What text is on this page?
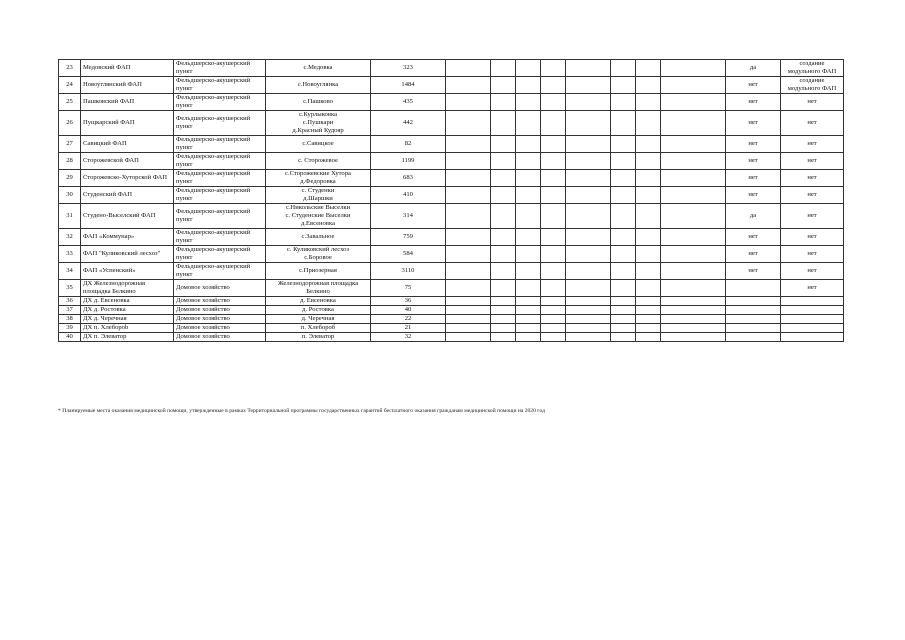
23	Медовский ФАП	Фельдшерско-акушерский пункт	с.Медовка	323									да	создание модульного ФАП
24	Новоуглянский ФАП	Фельдшерско-акушерский пункт	с.Новоуглянка	1484									нет	создание модульного ФАП
25	Пашковский ФАП	Фельдшерско-акушерский пункт	с.Пашково	435									нет	нет
26	Пущкарский ФАП	Фельдшерско-акушерский пункт	с.Курлыковка
с.Пушкари
д.Красный Кудояр	442									нет	нет
27	Савицкий ФАП	Фельдшерско-акушерский пункт	с.Савицкое	82									нет	нет
28	Сторожевской ФАП	Фельдшерско-акушерский пункт	с. Сторожевое	1199									нет	нет
29	Сторожевско-Хуторской ФАП	Фельдшерско-акушерский пункт	с.Сторожевские Хутора
д.Федоровка	683									нет	нет
30	Студенский ФАП	Фельдшерско-акушерский пункт	с. Студенки
д.Шаршки	410									нет	нет
31	Студено-Выселский ФАП	Фельдшерско-акушерский пункт	с.Никольские Выселки
с. Студенские Выселки
д.Евсеновка	314									да	нет
32	ФАП «Коммунар»	Фельдшерско-акушерский пункт	с.Завальное	759									нет	нет
33	ФАП "Куликовский лесхоз"	Фельдшерско-акушерский пункт	с. Куликовский лесхоз
с.Боровое	584									нет	нет
34	ФАП «Успенский»	Фельдшерско-акушерский пункт	с.Приозерная	3110									нет	нет
35	ДХ Железнодорожная площадка Белкино	Домовое хозяйство	Железнодорожная площадка Белкино	75										нет
36	ДХ д. Евсеновка	Домовое хозяйство	д. Евсеновка	36										
37	ДХ д. Ростовка	Домовое хозяйство	д. Ростовка	40										
38	ДХ д. Черечная	Домовое хозяйство	д. Черечная	22										
39	ДХ п. Хлеборob	Домовое хозяйство	п. Хлебороб	21										
40	ДХ п. Элеватор	Домовое хозяйство	п. Элеватор	32										
* Планируемые места оказания медицинской помощи, утвержденные в рамках Территориальной программы государственных гарантий бесплатного оказания гражданам медицинской помощи на 2020 год
